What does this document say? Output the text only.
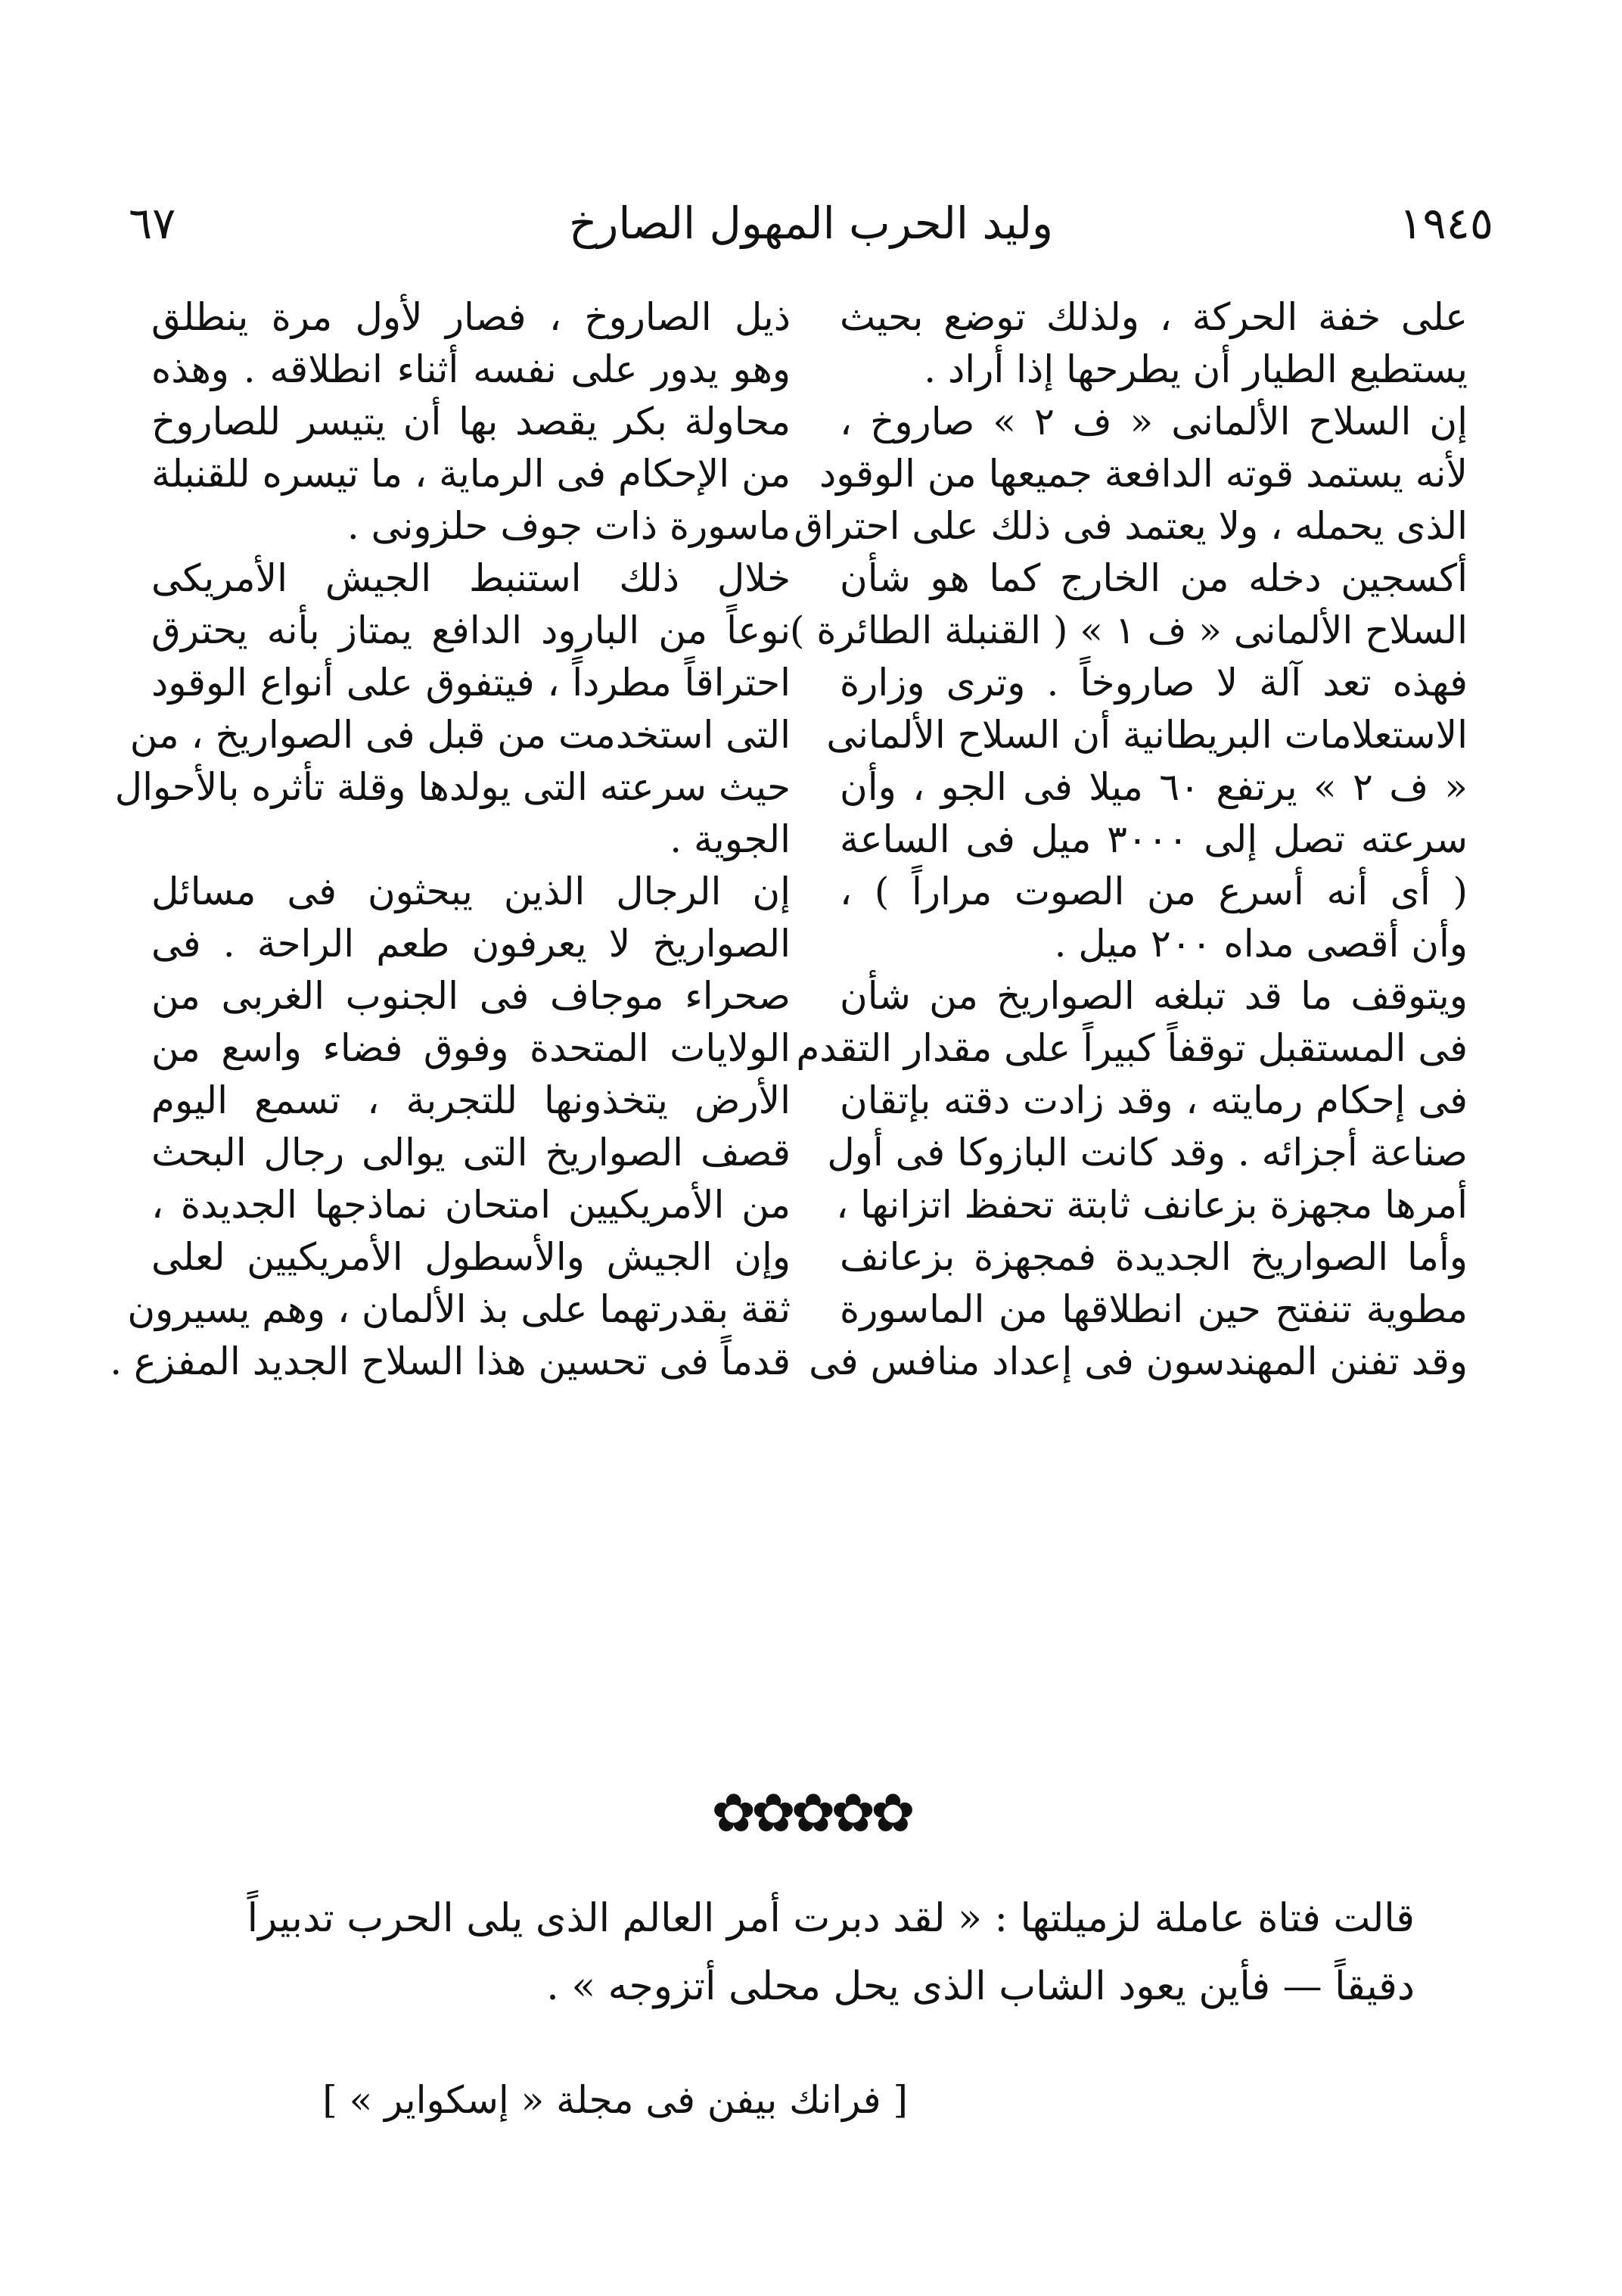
٦٧	وليد الحرب المهول الصارخ	١٩٤٥

على خفة الحركة ، ولذلك توضع بحيث
يستطيع الطيار أن يطرحها إذا أراد .

إن السلاح الألمانى « ف ٢ » صاروخ ،
لأنه يستمد قوته الدافعة جميعها من الوقود
الذى يحمله ، ولا يعتمد فى ذلك على احتراق
أكسجين دخله من الخارج كما هو شأن
السلاح الألمانى « ف ١ » ( القنبلة الطائرة )
فهذه تعد آلة لا صاروخاً . وترى وزارة
الاستعلامات البريطانية أن السلاح الألمانى
« ف ٢ » يرتفع ٦٠ ميلا فى الجو ، وأن
سرعته تصل إلى ٣٠٠٠ ميل فى الساعة
( أى أنه أسرع من الصوت مراراً ) ،
وأن أقصى مداه ٢٠٠ ميل .

ويتوقف ما قد تبلغه الصواريخ من شأن
فى المستقبل توقفاً كبيراً على مقدار التقدم
فى إحكام رمايته ، وقد زادت دقته بإتقان
صناعة أجزائه . وقد كانت البازوكا فى أول
أمرها مجهزة بزعانف ثابتة تحفظ اتزانها ،
وأما الصواريخ الجديدة فمجهزة بزعانف
مطوية تنفتح حين انطلاقها من الماسورة
وقد تفنن المهندسون فى إعداد منافس فى

ذيل الصاروخ ، فصار لأول مرة ينطلق
وهو يدور على نفسه أثناء انطلاقه . وهذه
محاولة بكر يقصد بها أن يتيسر للصاروخ
من الإحكام فى الرماية ، ما تيسره للقنبلة
ماسورة ذات جوف حلزونى .

خلال ذلك استنبط الجيش الأمريكى
نوعاً من البارود الدافع يمتاز بأنه يحترق
احتراقاً مطرداً ، فيتفوق على أنواع الوقود
التى استخدمت من قبل فى الصواريخ ، من
حيث سرعته التى يولدها وقلة تأثره بالأحوال
الجوية .

إن الرجال الذين يبحثون فى مسائل
الصواريخ لا يعرفون طعم الراحة . فى
صحراء موجاف فى الجنوب الغربى من
الولايات المتحدة وفوق فضاء واسع من
الأرض يتخذونها للتجربة ، تسمع اليوم
قصف الصواريخ التى يوالى رجال البحث
من الأمريكيين امتحان نماذجها الجديدة ،
وإن الجيش والأسطول الأمريكيين لعلى
ثقة بقدرتهما على بذ الألمان ، وهم يسيرون
قدماً فى تحسين هذا السلاح الجديد المفزع .

✿✿✿✿✿
قالت فتاة عاملة لزميلتها : « لقد دبرت أمر العالم الذى يلى الحرب تدبيراً
دقيقاً — فأين يعود الشاب الذى يحل محلى أتزوجه » .
[ فرانك بيفن فى مجلة « إسكواير » ]
